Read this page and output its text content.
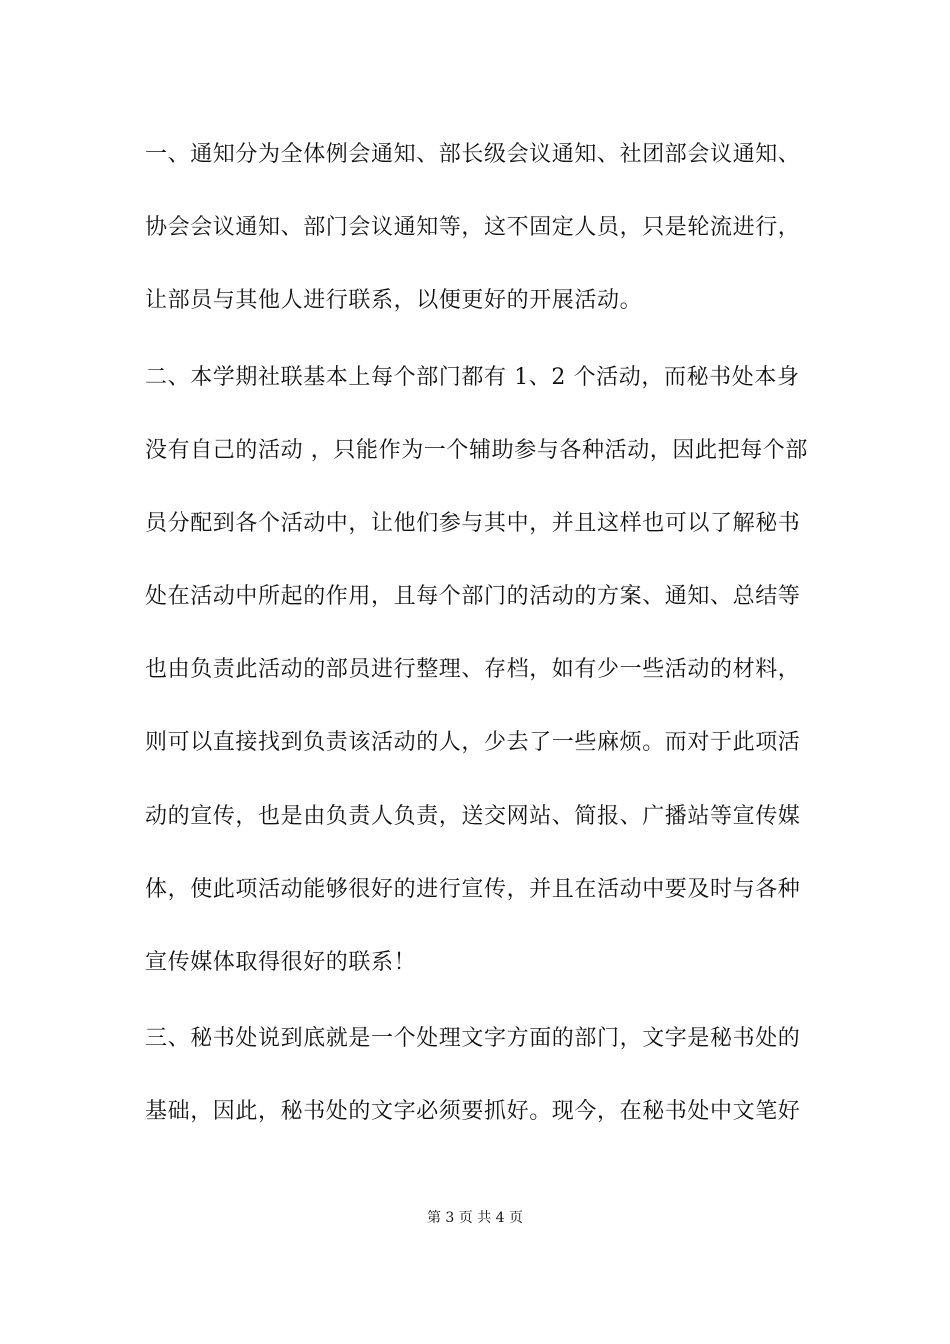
一、通知分为全体例会通知、部长级会议通知、社团部会议通知、
协会会议通知、部门会议通知等，这不固定人员，只是轮流进行，
让部员与其他人进行联系，以便更好的开展活动。
二、本学期社联基本上每个部门都有 1、2 个活动，而秘书处本身
没有自己的活动 ，只能作为一个辅助参与各种活动，因此把每个部
员分配到各个活动中，让他们参与其中，并且这样也可以了解秘书
处在活动中所起的作用，且每个部门的活动的方案、通知、总结等
也由负责此活动的部员进行整理、存档，如有少一些活动的材料，
则可以直接找到负责该活动的人，少去了一些麻烦。而对于此项活
动的宣传，也是由负责人负责，送交网站、简报、广播站等宣传媒
体，使此项活动能够很好的进行宣传，并且在活动中要及时与各种
宣传媒体取得很好的联系！
三、秘书处说到底就是一个处理文字方面的部门，文字是秘书处的
基础，因此，秘书处的文字必须要抓好。现今，在秘书处中文笔好
第 3 页 共 4 页
